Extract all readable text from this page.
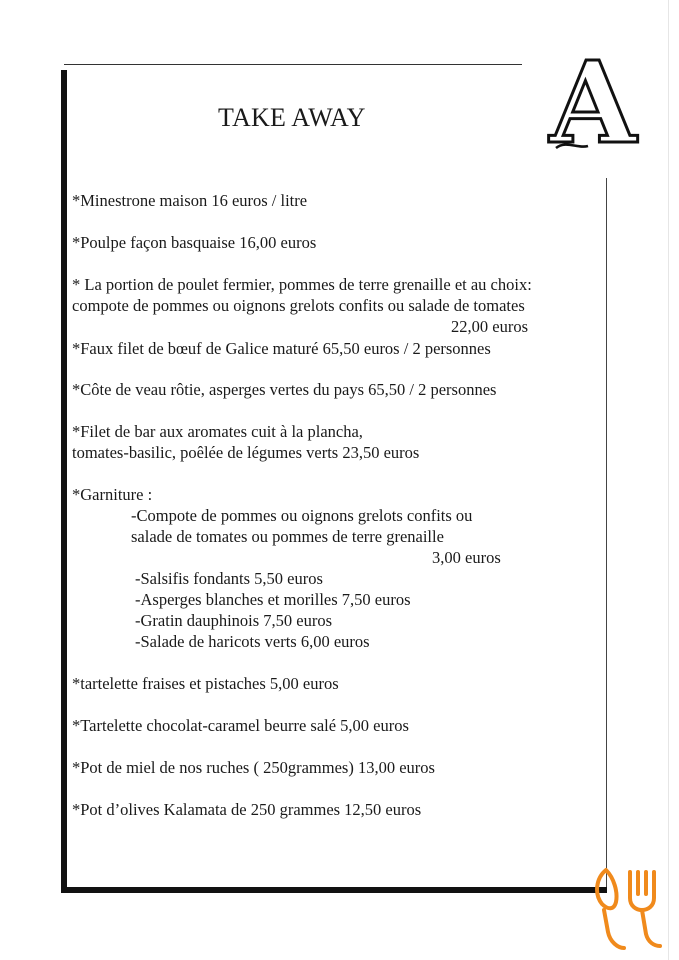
TAKE AWAY A
*Minestrone maison 16 euros / litre
*Poulpe façon basquaise 16,00 euros
* La portion de poulet fermier, pommes de terre grenaille et au choix:
compote de pommes ou oignons grelots confits ou salade de tomates
22,00 euros
*Faux filet de bœuf de Galice maturé 65,50 euros / 2 personnes
*Côte de veau rôtie, asperges vertes du pays 65,50 / 2 personnes
*Filet de bar aux aromates cuit à la plancha,
tomates-basilic, poêlée de légumes verts 23,50 euros
*Garniture :
-Compote de pommes ou oignons grelots confits ou
salade de tomates ou pommes de terre grenaille
3,00 euros
-Salsifis fondants 5,50 euros
-Asperges blanches et morilles 7,50 euros
-Gratin dauphinois 7,50 euros
-Salade de haricots verts 6,00 euros
*tartelette fraises et pistaches 5,00 euros
*Tartelette chocolat-caramel beurre salé 5,00 euros
*Pot de miel de nos ruches ( 250grammes) 13,00 euros
*Pot d’olives Kalamata de 250 grammes 12,50 euros
